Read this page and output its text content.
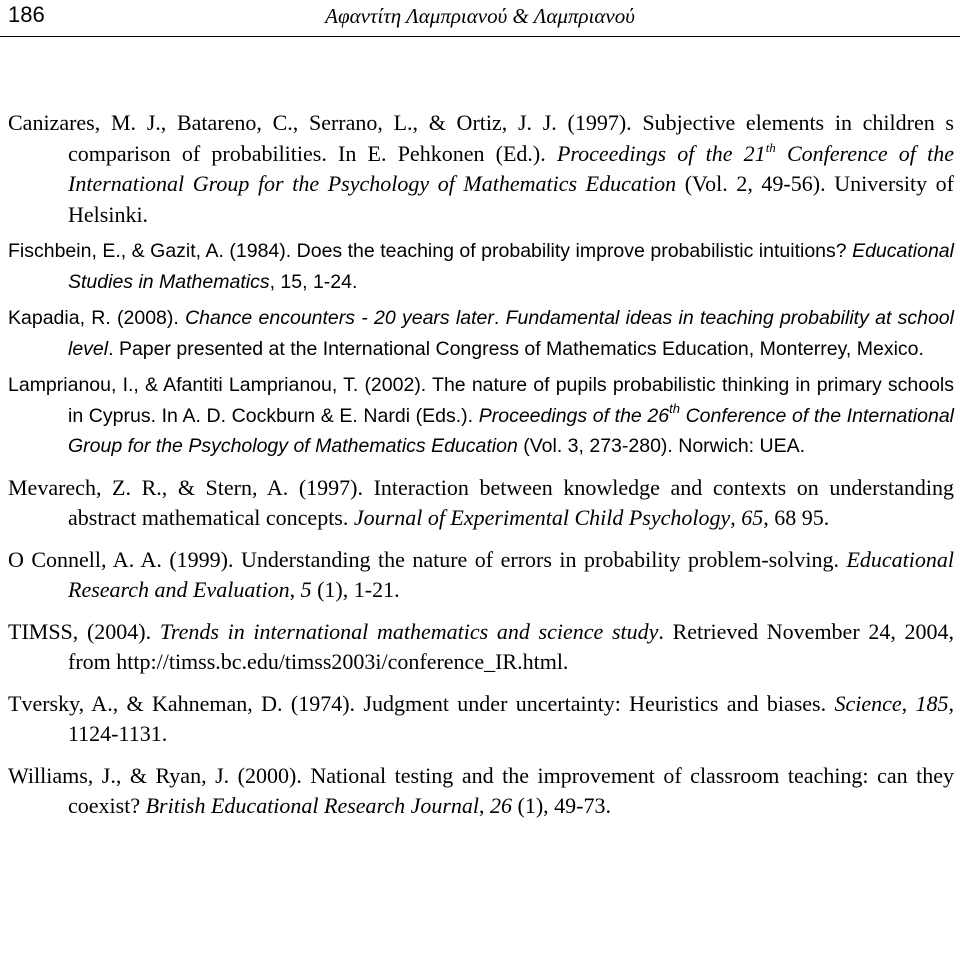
186	Αφαντίτη Λαμπριανού & Λαμπριανού

Canizares, M. J., Batareno, C., Serrano, L., & Ortiz, J. J. (1997). Subjective elements in children s comparison of probabilities. In E. Pehkonen (Ed.). Proceedings of the 21th Conference of the International Group for the Psychology of Mathematics Education (Vol. 2, 49-56). University of Helsinki.

Fischbein, E., & Gazit, A. (1984). Does the teaching of probability improve probabilistic intuitions? Educational Studies in Mathematics, 15, 1-24.

Kapadia, R. (2008). Chance encounters - 20 years later. Fundamental ideas in teaching probability at school level. Paper presented at the International Congress of Mathematics Education, Monterrey, Mexico.

Lamprianou, I., & Afantiti Lamprianou, T. (2002). The nature of pupils probabilistic thinking in primary schools in Cyprus. In A. D. Cockburn & E. Nardi (Eds.). Proceedings of the 26th Conference of the International Group for the Psychology of Mathematics Education (Vol. 3, 273-280). Norwich: UEA.

Mevarech, Z. R., & Stern, A. (1997). Interaction between knowledge and contexts on understanding abstract mathematical concepts. Journal of Experimental Child Psychology, 65, 68 95.

O Connell, A. A. (1999). Understanding the nature of errors in probability problem-solving. Educational Research and Evaluation, 5 (1), 1-21.

TIMSS, (2004). Trends in international mathematics and science study. Retrieved November 24, 2004, from http://timss.bc.edu/timss2003i/conference_IR.html.

Tversky, A., & Kahneman, D. (1974). Judgment under uncertainty: Heuristics and biases. Science, 185, 1124-1131.

Williams, J., & Ryan, J. (2000). National testing and the improvement of classroom teaching: can they coexist? British Educational Research Journal, 26 (1), 49-73.
